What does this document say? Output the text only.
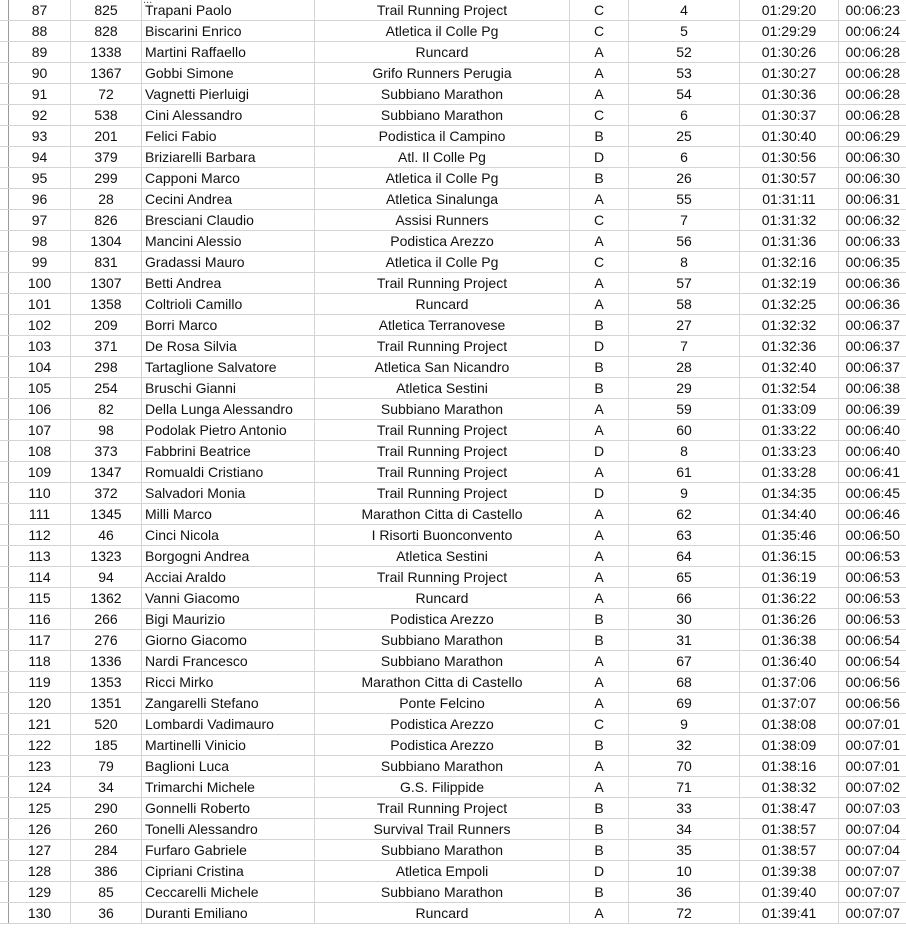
...
	87	825	Trapani Paolo	Trail Running Project	C	4	01:29:20	00:06:23
	88	828	Biscarini Enrico	Atletica il Colle Pg	C	5	01:29:29	00:06:24
	89	1338	Martini Raffaello	Runcard	A	52	01:30:26	00:06:28
	90	1367	Gobbi Simone	Grifo Runners Perugia	A	53	01:30:27	00:06:28
	91	72	Vagnetti Pierluigi	Subbiano Marathon	A	54	01:30:36	00:06:28
	92	538	Cini Alessandro	Subbiano Marathon	C	6	01:30:37	00:06:28
	93	201	Felici Fabio	Podistica il Campino	B	25	01:30:40	00:06:29
	94	379	Briziarelli Barbara	Atl. Il Colle Pg	D	6	01:30:56	00:06:30
	95	299	Capponi Marco	Atletica il Colle Pg	B	26	01:30:57	00:06:30
	96	28	Cecini Andrea	Atletica Sinalunga	A	55	01:31:11	00:06:31
	97	826	Bresciani Claudio	Assisi Runners	C	7	01:31:32	00:06:32
	98	1304	Mancini Alessio	Podistica Arezzo	A	56	01:31:36	00:06:33
	99	831	Gradassi Mauro	Atletica il Colle Pg	C	8	01:32:16	00:06:35
	100	1307	Betti Andrea	Trail Running Project	A	57	01:32:19	00:06:36
	101	1358	Coltrioli Camillo	Runcard	A	58	01:32:25	00:06:36
	102	209	Borri Marco	Atletica Terranovese	B	27	01:32:32	00:06:37
	103	371	De Rosa Silvia	Trail Running Project	D	7	01:32:36	00:06:37
	104	298	Tartaglione Salvatore	Atletica San Nicandro	B	28	01:32:40	00:06:37
	105	254	Bruschi Gianni	Atletica Sestini	B	29	01:32:54	00:06:38
	106	82	Della Lunga Alessandro	Subbiano Marathon	A	59	01:33:09	00:06:39
	107	98	Podolak Pietro Antonio	Trail Running Project	A	60	01:33:22	00:06:40
	108	373	Fabbrini Beatrice	Trail Running Project	D	8	01:33:23	00:06:40
	109	1347	Romualdi Cristiano	Trail Running Project	A	61	01:33:28	00:06:41
	110	372	Salvadori Monia	Trail Running Project	D	9	01:34:35	00:06:45
	111	1345	Milli Marco	Marathon Citta di Castello	A	62	01:34:40	00:06:46
	112	46	Cinci Nicola	I Risorti Buonconvento	A	63	01:35:46	00:06:50
	113	1323	Borgogni Andrea	Atletica Sestini	A	64	01:36:15	00:06:53
	114	94	Acciai Araldo	Trail Running Project	A	65	01:36:19	00:06:53
	115	1362	Vanni Giacomo	Runcard	A	66	01:36:22	00:06:53
	116	266	Bigi Maurizio	Podistica Arezzo	B	30	01:36:26	00:06:53
	117	276	Giorno Giacomo	Subbiano Marathon	B	31	01:36:38	00:06:54
	118	1336	Nardi Francesco	Subbiano Marathon	A	67	01:36:40	00:06:54
	119	1353	Ricci Mirko	Marathon Citta di Castello	A	68	01:37:06	00:06:56
	120	1351	Zangarelli Stefano	Ponte Felcino	A	69	01:37:07	00:06:56
	121	520	Lombardi Vadimauro	Podistica Arezzo	C	9	01:38:08	00:07:01
	122	185	Martinelli Vinicio	Podistica Arezzo	B	32	01:38:09	00:07:01
	123	79	Baglioni Luca	Subbiano Marathon	A	70	01:38:16	00:07:01
	124	34	Trimarchi Michele	G.S. Filippide	A	71	01:38:32	00:07:02
	125	290	Gonnelli Roberto	Trail Running Project	B	33	01:38:47	00:07:03
	126	260	Tonelli Alessandro	Survival Trail Runners	B	34	01:38:57	00:07:04
	127	284	Furfaro Gabriele	Subbiano Marathon	B	35	01:38:57	00:07:04
	128	386	Cipriani Cristina	Atletica Empoli	D	10	01:39:38	00:07:07
	129	85	Ceccarelli Michele	Subbiano Marathon	B	36	01:39:40	00:07:07
	130	36	Duranti Emiliano	Runcard	A	72	01:39:41	00:07:07
